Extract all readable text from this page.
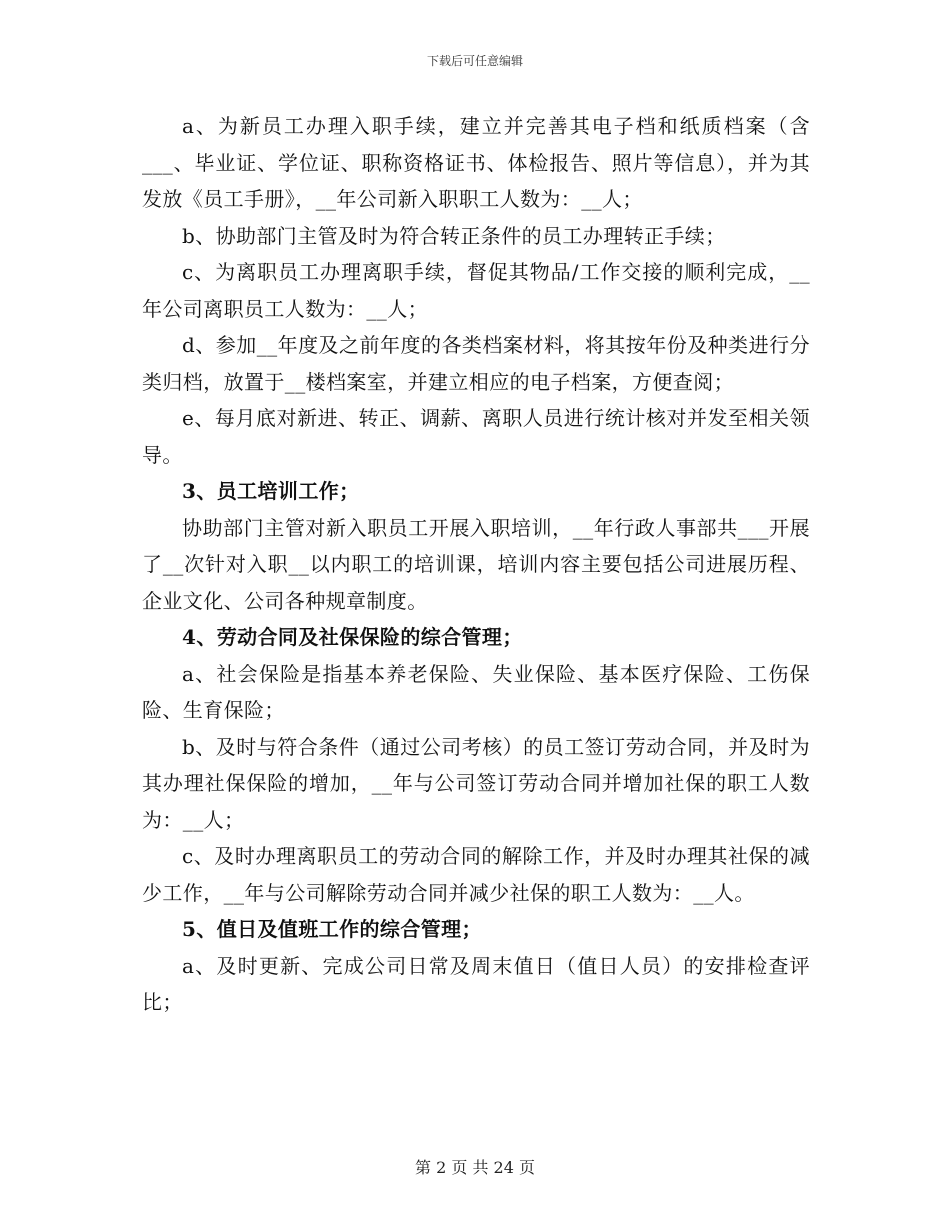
下载后可任意编辑

a、为新员工办理入职手续，建立并完善其电子档和纸质档案（含___、毕业证、学位证、职称资格证书、体检报告、照片等信息），并为其发放《员工手册》，__年公司新入职职工人数为：__人；

b、协助部门主管及时为符合转正条件的员工办理转正手续；

c、为离职员工办理离职手续，督促其物品/工作交接的顺利完成，__年公司离职员工人数为：__人；

d、参加__年度及之前年度的各类档案材料，将其按年份及种类进行分类归档，放置于__楼档案室，并建立相应的电子档案，方便查阅；

e、每月底对新进、转正、调薪、离职人员进行统计核对并发至相关领导。

3、员工培训工作；

协助部门主管对新入职员工开展入职培训，__年行政人事部共___开展了__次针对入职__以内职工的培训课，培训内容主要包括公司进展历程、企业文化、公司各种规章制度。

4、劳动合同及社保保险的综合管理；

a、社会保险是指基本养老保险、失业保险、基本医疗保险、工伤保险、生育保险；

b、及时与符合条件（通过公司考核）的员工签订劳动合同，并及时为其办理社保保险的增加，__年与公司签订劳动合同并增加社保的职工人数为：__人；

c、及时办理离职员工的劳动合同的解除工作，并及时办理其社保的减少工作，__年与公司解除劳动合同并减少社保的职工人数为：__人。

5、值日及值班工作的综合管理；

a、及时更新、完成公司日常及周末值日（值日人员）的安排检查评比；

第 2 页 共 24 页
